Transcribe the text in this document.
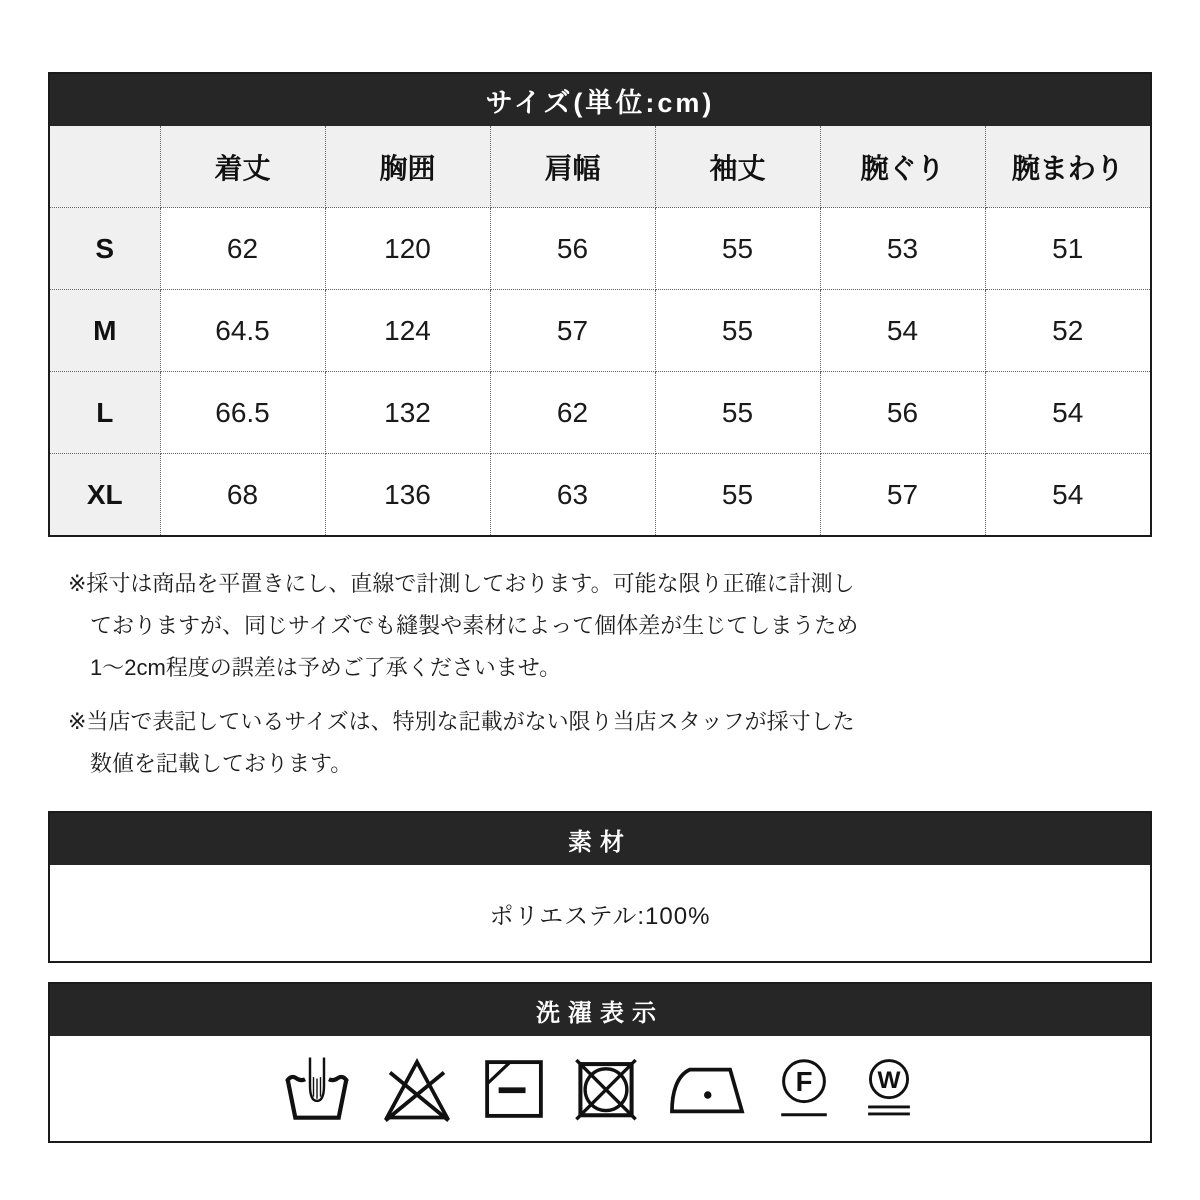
サイズ(単位:cm)
	着丈	胸囲	肩幅	袖丈	腕ぐり	腕まわり
S	62	120	56	55	53	51
M	64.5	124	57	55	54	52
L	66.5	132	62	55	56	54
XL	68	136	63	55	57	54
※採寸は商品を平置きにし、直線で計測しております。可能な限り正確に計測し
ておりますが、同じサイズでも縫製や素材によって個体差が生じてしまうため
1〜2cm程度の誤差は予めご了承くださいませ。
※当店で表記しているサイズは、特別な記載がない限り当店スタッフが採寸した
数値を記載しております。
素材
ポリエステル:100%
洗濯表示
F W
